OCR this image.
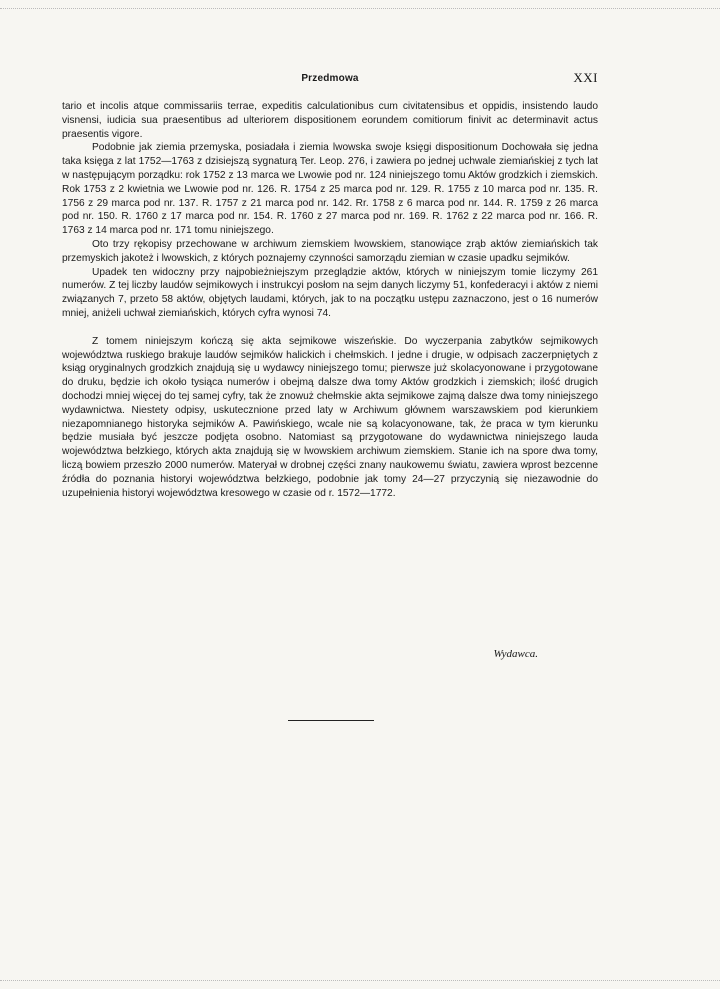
Przedmowa	XXI

tario et incolis atque commissariis terrae, expeditis calculationibus cum civitatensibus et oppidis, insistendo laudo visnensi, iudicia sua praesentibus ad ulteriorem dispositionem eorundem comitiorum finivit ac determinavit actus praesentis vigore.

Podobnie jak ziemia przemyska, posiadała i ziemia lwowska swoje księgi dispositionum Dochowała się jedna taka księga z lat 1752—1763 z dzisiejszą sygnaturą Ter. Leop. 276, i zawiera po jednej uchwale ziemiańskiej z tych lat w następującym porządku: rok 1752 z 13 marca we Lwowie pod nr. 124 niniejszego tomu Aktów grodzkich i ziemskich. Rok 1753 z 2 kwietnia we Lwowie pod nr. 126. R. 1754 z 25 marca pod nr. 129. R. 1755 z 10 marca pod nr. 135. R. 1756 z 29 marca pod nr. 137. R. 1757 z 21 marca pod nr. 142. Rr. 1758 z 6 marca pod nr. 144. R. 1759 z 26 marca pod nr. 150. R. 1760 z 17 marca pod nr. 154. R. 1760 z 27 marca pod nr. 169. R. 1762 z 22 marca pod nr. 166. R. 1763 z 14 marca pod nr. 171 tomu niniejszego.

Oto trzy rękopisy przechowane w archiwum ziemskiem lwowskiem, stanowiące zrąb aktów ziemiańskich tak przemyskich jakoteż i lwowskich, z których poznajemy czynności samorządu ziemian w czasie upadku sejmików.

Upadek ten widoczny przy najpobieżniejszym przeglądzie aktów, których w niniejszym tomie liczymy 261 numerów. Z tej liczby laudów sejmikowych i instrukcyi posłom na sejm danych liczymy 51, konfederacyi i aktów z niemi związanych 7, przeto 58 aktów, objętych laudami, których, jak to na początku ustępu zaznaczono, jest o 16 numerów mniej, aniżeli uchwał ziemiańskich, których cyfra wynosi 74.

Z tomem niniejszym kończą się akta sejmikowe wiszeńskie. Do wyczerpania zabytków sejmikowych województwa ruskiego brakuje laudów sejmików halickich i chełmskich. I jedne i drugie, w odpisach zaczerpniętych z ksiąg oryginalnych grodzkich znajdują się u wydawcy niniejszego tomu; pierwsze już skolacyonowane i przygotowane do druku, będzie ich około tysiąca numerów i obejmą dalsze dwa tomy Aktów grodzkich i ziemskich; ilość drugich dochodzi mniej więcej do tej samej cyfry, tak że znowuż chełmskie akta sejmikowe zajmą dalsze dwa tomy niniejszego wydawnictwa. Niestety odpisy, uskutecznione przed laty w Archiwum głównem warszawskiem pod kierunkiem niezapomnianego historyka sejmików A. Pawińskiego, wcale nie są kolacyonowane, tak, że praca w tym kierunku będzie musiała być jeszcze podjęta osobno. Natomiast są przygotowane do wydawnictwa niniejszego lauda województwa bełzkiego, których akta znajdują się w lwowskiem archiwum ziemskiem. Stanie ich na spore dwa tomy, liczą bowiem przeszło 2000 numerów. Materyał w drobnej części znany naukowemu światu, zawiera wprost bezcenne źródła do poznania historyi województwa bełzkiego, podobnie jak tomy 24—27 przyczynią się niezawodnie do uzupełnienia historyi województwa kresowego w czasie od r. 1572—1772.

Wydawca.
